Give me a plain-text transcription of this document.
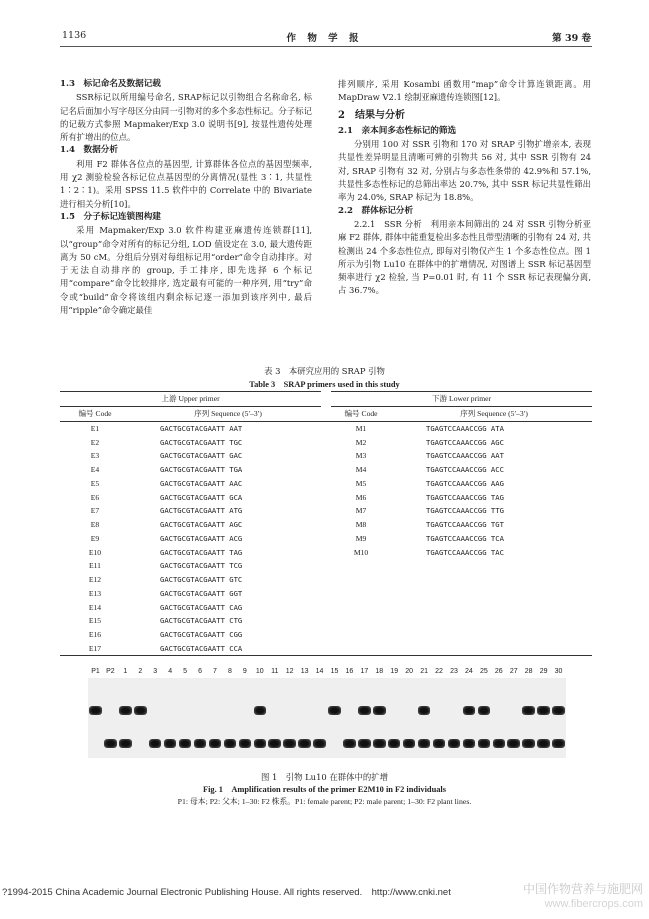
1136	作 物 学 报	第 39 卷
1.3　标记命名及数据记载

SSR标记以所用编号命名, SRAP标记以引物组合名称命名, 标记名后面加小写字母区分由同一引物对的多个多态性标记。分子标记的记载方式参照 Mapmaker/Exp 3.0 说明书[9], 按显性遗传处理所有扩增出的位点。

1.4　数据分析

利用 F2 群体各位点的基因型, 计算群体各位点的基因型频率, 用 χ2 测验检验各标记位点基因型的分离情况(显性 3∶1, 共显性 1∶2∶1)。采用 SPSS 11.5 软件中的 Correlate 中的 Bivariate 进行相关分析[10]。

1.5　分子标记连锁图构建

采用 Mapmaker/Exp 3.0 软件构建亚麻遗传连锁群[11], 以“group”命令对所有的标记分组, LOD 值设定在 3.0, 最大遗传距离为 50 cM。分组后分别对每组标记用“order”命令自动排序。对于无法自动排序的 group, 手工排序, 即先选择 6 个标记用“compare”命令比较排序, 选定最有可能的一种序列, 用“try”命令或“build”命令将该组内剩余标记逐一添加到该序列中, 最后用“ripple”命令确定最佳

排列顺序, 采用 Kosambi 函数用“map”命令计算连锁距离。用 MapDraw V2.1 绘制亚麻遗传连锁图[12]。

2　结果与分析
2.1　亲本间多态性标记的筛选

分别用 100 对 SSR 引物和 170 对 SRAP 引物扩增亲本, 表现共显性差异明显且清晰可辨的引物共 56 对, 其中 SSR 引物有 24 对, SRAP 引物有 32 对, 分别占与多态性条带的 42.9%和 57.1%, 共显性多态性标记的总筛出率达 20.7%, 其中 SSR 标记共显性筛出率为 24.0%, SRAP 标记为 18.8%。

2.2　群体标记分析

2.2.1　SSR 分析　利用亲本间筛出的 24 对 SSR 引物分析亚麻 F2 群体, 群体中能重复检出多态性且带型清晰的引物有 24 对, 共检测出 24 个多态性位点, 即每对引物仅产生 1 个多态性位点。图 1 所示为引物 Lu10 在群体中的扩增情况, 对图谱上 SSR 标记基因型频率进行 χ2 检验, 当 P=0.01 时, 有 11 个 SSR 标记表现偏分离, 占 36.7%。

表 3　本研究应用的 SRAP 引物
Table 3　SRAP primers used in this study
上游 Upper primer		下游 Lower primer	
编号 Code	序列 Sequence (5′–3′)	编号 Code	序列 Sequence (5′–3′)
E1	GACTGCGTACGAATT AAT	M1	TGAGTCCAAACCGG ATA
E2	GACTGCGTACGAATT TGC	M2	TGAGTCCAAACCGG AGC
E3	GACTGCGTACGAATT GAC	M3	TGAGTCCAAACCGG AAT
E4	GACTGCGTACGAATT TGA	M4	TGAGTCCAAACCGG ACC
E5	GACTGCGTACGAATT AAC	M5	TGAGTCCAAACCGG AAG
E6	GACTGCGTACGAATT GCA	M6	TGAGTCCAAACCGG TAG
E7	GACTGCGTACGAATT ATG	M7	TGAGTCCAAACCGG TTG
E8	GACTGCGTACGAATT AGC	M8	TGAGTCCAAACCGG TGT
E9	GACTGCGTACGAATT ACG	M9	TGAGTCCAAACCGG TCA
E10	GACTGCGTACGAATT TAG	M10	TGAGTCCAAACCGG TAC
E11	GACTGCGTACGAATT TCG		
E12	GACTGCGTACGAATT GTC		
E13	GACTGCGTACGAATT GGT		
E14	GACTGCGTACGAATT CAG		
E15	GACTGCGTACGAATT CTG		
E16	GACTGCGTACGAATT CGG		
E17	GACTGCGTACGAATT CCA		
P1 P2 1 2 3 4 5 6 7 8 9 10 11 12 13 14 15 16 17 18 19 20 21 22 23 24 25 26 27 28 29 30
图 1　引物 Lu10 在群体中的扩增
Fig. 1　Amplification results of the primer E2M10 in F2 individuals
P1: 母本; P2: 父本; 1–30: F2 株系。P1: female parent; P2: male parent; 1–30: F2 plant lines.
?1994-2015 China Academic Journal Electronic Publishing House. All rights reserved.　http://www.cnki.net	中国作物营养与施肥网
www.fibercrops.com
